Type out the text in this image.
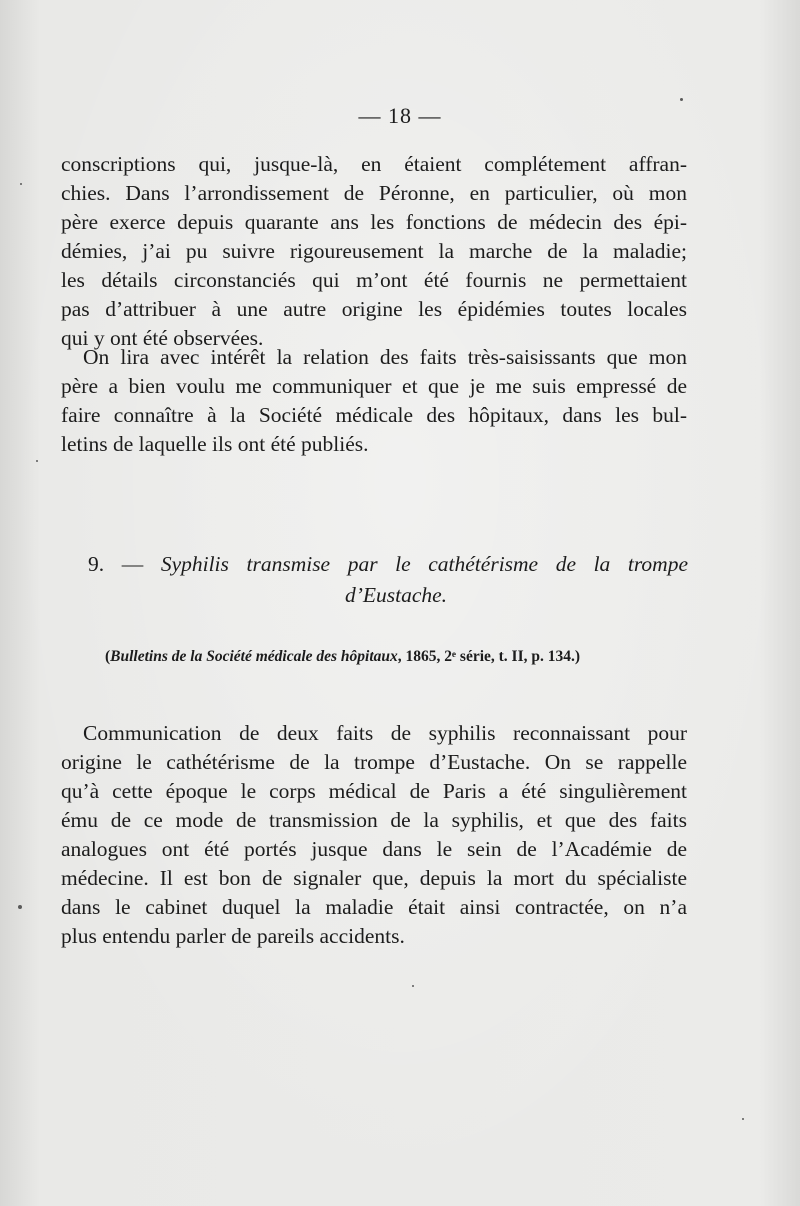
— 18 —
conscriptions qui, jusque-là, en étaient complétement affran-
chies. Dans l’arrondissement de Péronne, en particulier, où mon
père exerce depuis quarante ans les fonctions de médecin des épi-
démies, j’ai pu suivre rigoureusement la marche de la maladie;
les détails circonstanciés qui m’ont été fournis ne permettaient
pas d’attribuer à une autre origine les épidémies toutes locales
qui y ont été observées.
On lira avec intérêt la relation des faits très-saisissants que mon
père a bien voulu me communiquer et que je me suis empressé de
faire connaître à la Société médicale des hôpitaux, dans les bul-
letins de laquelle ils ont été publiés.
9. — Syphilis transmise par le cathétérisme de la trompe
d’Eustache.
(Bulletins de la Société médicale des hôpitaux, 1865, 2ᵉ série, t. II, p. 134.)
Communication de deux faits de syphilis reconnaissant pour
origine le cathétérisme de la trompe d’Eustache. On se rappelle
qu’à cette époque le corps médical de Paris a été singulièrement
ému de ce mode de transmission de la syphilis, et que des faits
analogues ont été portés jusque dans le sein de l’Académie de
médecine. Il est bon de signaler que, depuis la mort du spécialiste
dans le cabinet duquel la maladie était ainsi contractée, on n’a
plus entendu parler de pareils accidents.
